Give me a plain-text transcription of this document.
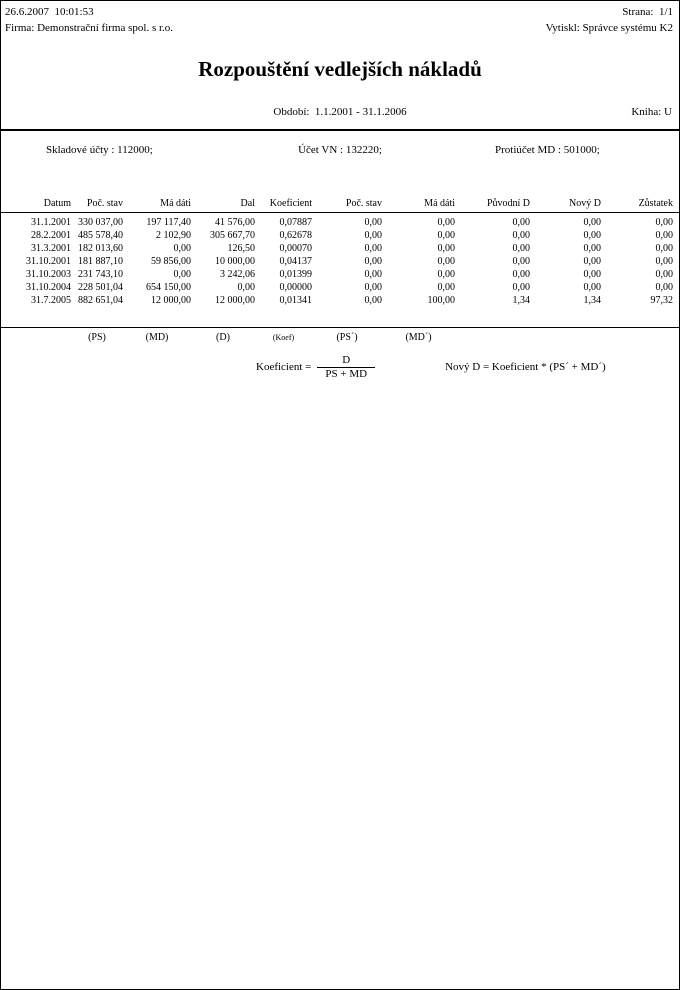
26.6.2007  10:01:53	Strana:  1/1
Firma: Demonstrační firma spol. s r.o.	Vytiskl: Správce systému K2
Rozpouštění vedlejších nákladů
Období:  1.1.2001 - 31.1.2006	Kniha: U
Skladové účty : 112000;	Účet VN : 132220;	Protiúčet MD : 501000;
Datum	Poč. stav	Má dáti	Dal	Koeficient	Poč. stav	Má dáti	Původní D	Nový D	Zůstatek
31.1.2001	330 037,00	197 117,40	41 576,00	0,07887	0,00	0,00	0,00	0,00	0,00
28.2.2001	485 578,40	2 102,90	305 667,70	0,62678	0,00	0,00	0,00	0,00	0,00
31.3.2001	182 013,60	0,00	126,50	0,00070	0,00	0,00	0,00	0,00	0,00
31.10.2001	181 887,10	59 856,00	10 000,00	0,04137	0,00	0,00	0,00	0,00	0,00
31.10.2003	231 743,10	0,00	3 242,06	0,01399	0,00	0,00	0,00	0,00	0,00
31.10.2004	228 501,04	654 150,00	0,00	0,00000	0,00	0,00	0,00	0,00	0,00
31.7.2005	882 651,04	12 000,00	12 000,00	0,01341	0,00	100,00	1,34	1,34	97,32
	(PS)	(MD)	(D)	(Koef)	(PS´)	(MD´)			
Koeficient = $\frac{D}{PS + MD}$	Nový D = Koeficient * (PS´ + MD´)
